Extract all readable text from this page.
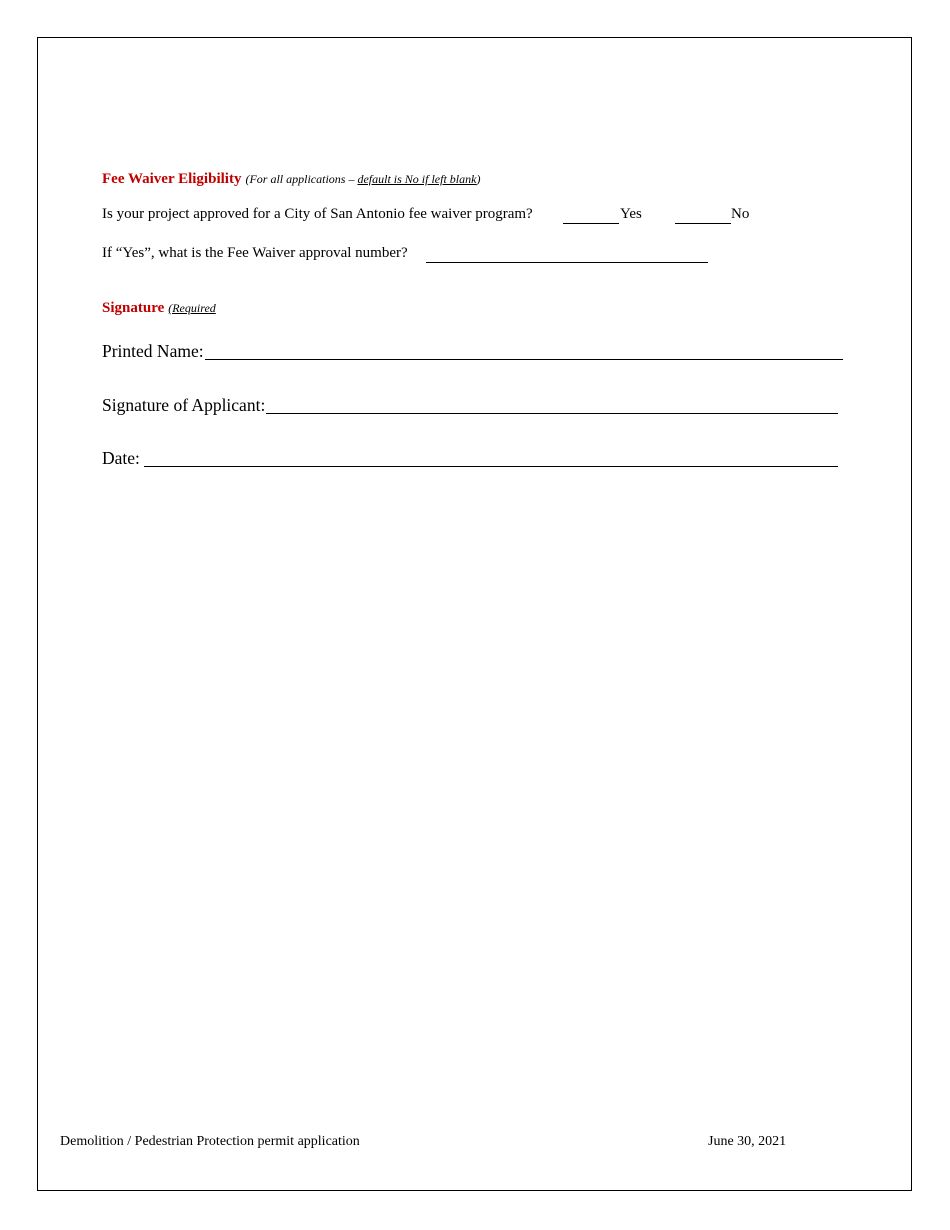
Fee Waiver Eligibility (For all applications – default is No if left blank)
Is your project approved for a City of San Antonio fee waiver program?	Yes	No
If “Yes”, what is the Fee Waiver approval number?
Signature (Required
Printed Name:
Signature of Applicant:
Date:
Demolition / Pedestrian Protection permit application	June 30, 2021
